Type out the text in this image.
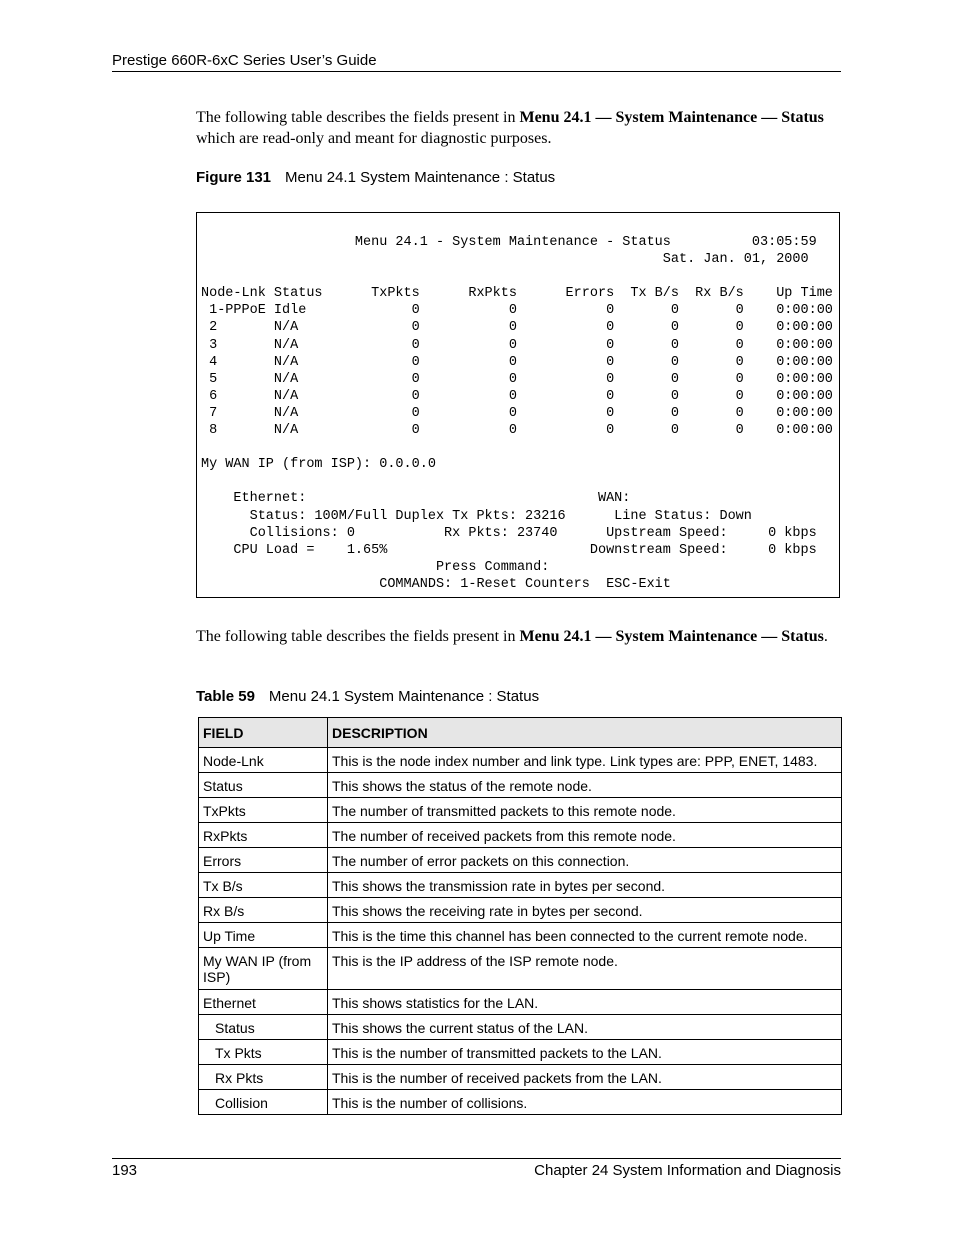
Prestige 660R-6xC Series User’s Guide

The following table describes the fields present in Menu 24.1 — System Maintenance — Status which are read-only and meant for diagnostic purposes.

Figure 131 Menu 24.1 System Maintenance : Status
Menu 24.1 - System Maintenance - Status          03:05:59
Sat. Jan. 01, 2000

Node-Lnk Status      TxPkts      RxPkts      Errors  Tx B/s  Rx B/s    Up Time
1-PPPoE Idle             0           0           0       0       0    0:00:00
2       N/A              0           0           0       0       0    0:00:00
3       N/A              0           0           0       0       0    0:00:00
4       N/A              0           0           0       0       0    0:00:00
5       N/A              0           0           0       0       0    0:00:00
6       N/A              0           0           0       0       0    0:00:00
7       N/A              0           0           0       0       0    0:00:00
8       N/A              0           0           0       0       0    0:00:00

My WAN IP (from ISP): 0.0.0.0

Ethernet:                                    WAN:
Status: 100M/Full Duplex Tx Pkts: 23216      Line Status: Down
Collisions: 0           Rx Pkts: 23740      Upstream Speed:     0 kbps
CPU Load =    1.65%                         Downstream Speed:     0 kbps
Press Command:
COMMANDS: 1-Reset Counters  ESC-Exit

The following table describes the fields present in Menu 24.1 — System Maintenance — Status.

Table 59 Menu 24.1 System Maintenance : Status
FIELD	DESCRIPTION
Node-Lnk	This is the node index number and link type. Link types are: PPP, ENET, 1483.
Status	This shows the status of the remote node.
TxPkts	The number of transmitted packets to this remote node.
RxPkts	The number of received packets from this remote node.
Errors	The number of error packets on this connection.
Tx B/s	This shows the transmission rate in bytes per second.
Rx B/s	This shows the receiving rate in bytes per second.
Up Time	This is the time this channel has been connected to the current remote node.
My WAN IP (from ISP)	This is the IP address of the ISP remote node.
Ethernet	This shows statistics for the LAN.
Status	This shows the current status of the LAN.
Tx Pkts	This is the number of transmitted packets to the LAN.
Rx Pkts	This is the number of received packets from the LAN.
Collision	This is the number of collisions.
193	Chapter 24 System Information and Diagnosis
